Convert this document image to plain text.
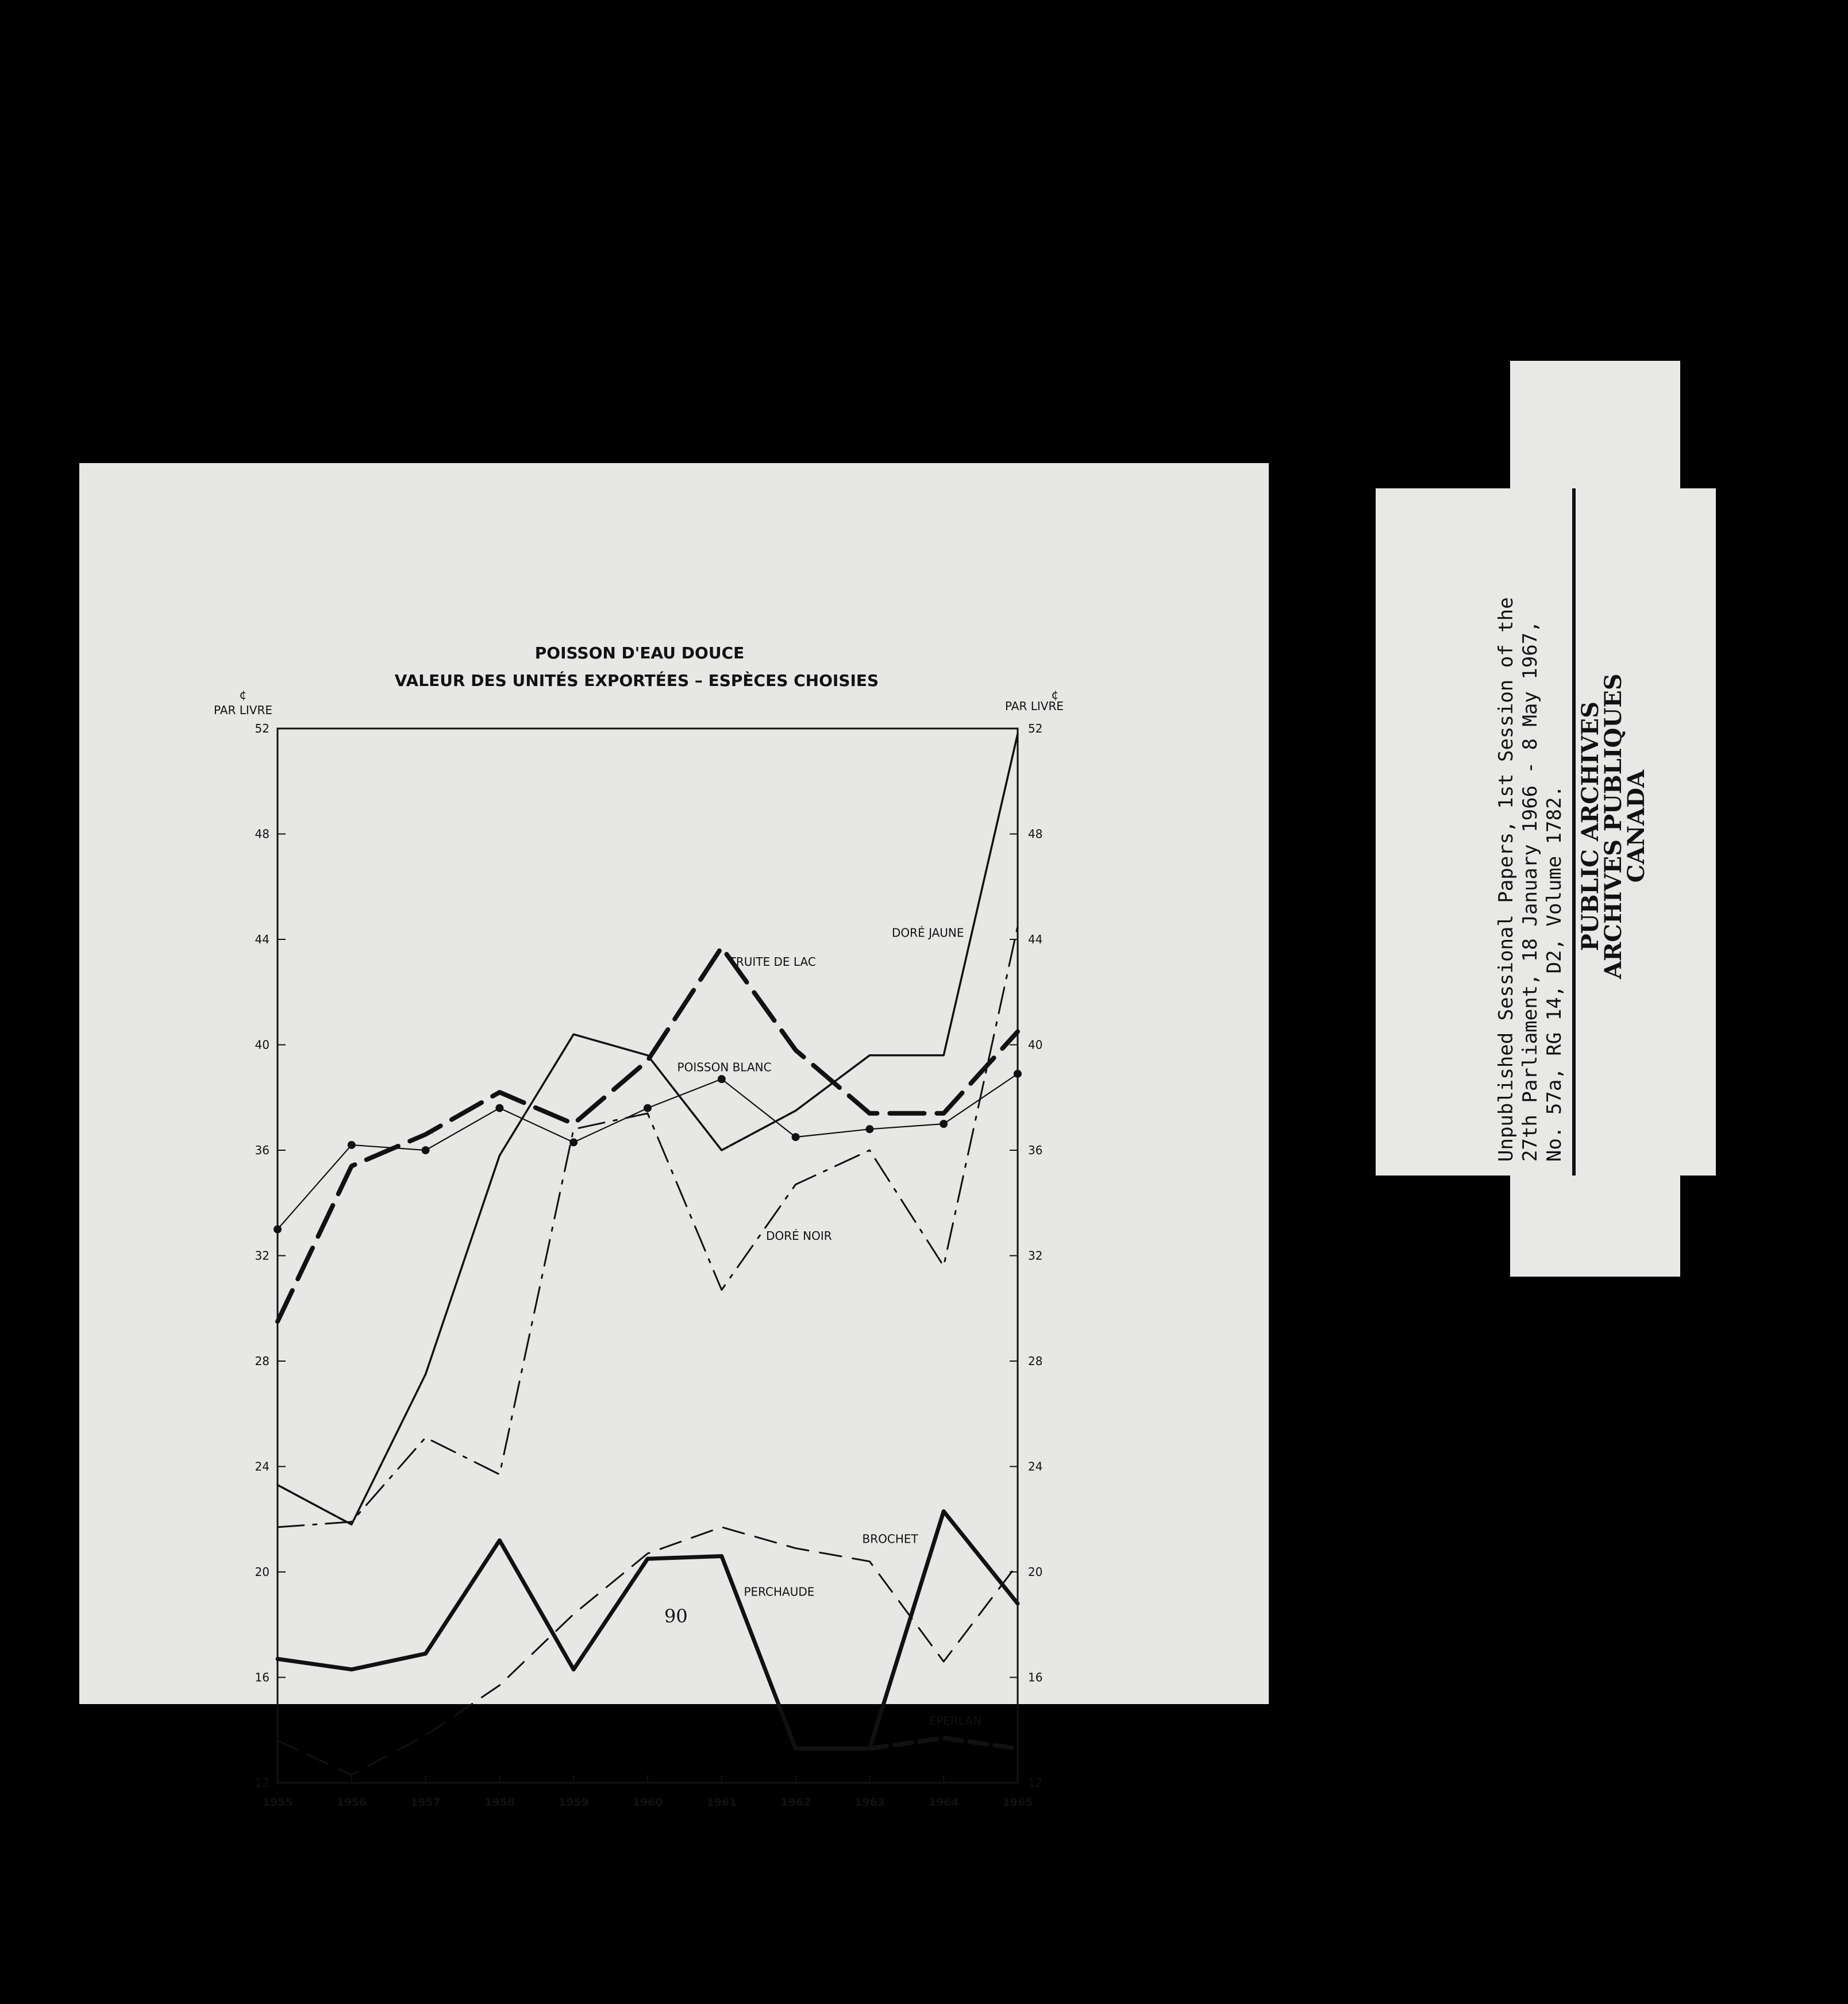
POISSON D'EAU DOUCE
VALEUR DES UNITÉS EXPORTÉES – ESPÈCES CHOISIES
¢
PAR LIVRE
¢
PAR LIVRE
12
16
20
24
28
32
36
40
44
48
52
12
16
20
24
28
32
36
40
44
48
52
1955	1956	1957	1958	1959	1960	1961	1962	1963	1964	1965
DORÉ JAUNE
TRUITE DE LAC
POISSON BLANC
DORÉ NOIR
BROCHET
PERCHAUDE
ÉPERLAN
90
Unpublished Sessional Papers, 1st Session of the 27th Parliament, 18 January 1966 - 8 May 1967, No. 57a, RG 14, D2, Volume 1782. PUBLIC ARCHIVES
ARCHIVES PUBLIQUES
CANADA
